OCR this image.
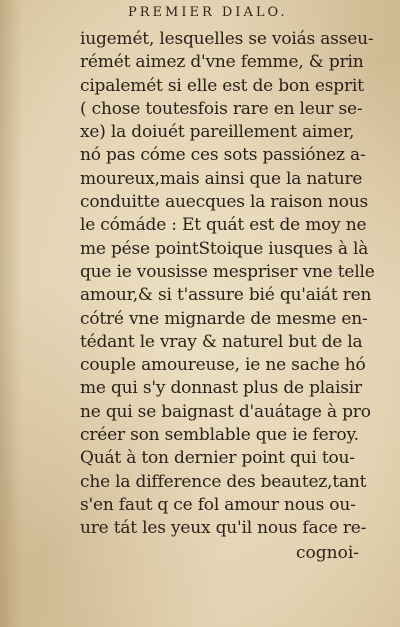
PREMIER DIALO.
iugemét, lesquelles se voiás asseu-
rémét aimez d'vne femme, & prin
cipalemét si elle est de bon esprit
( chose toutesfois rare en leur se-
xe) la doiuét pareillement aimer,
nó pas cóme ces sots passiónez a-
moureux,mais ainsi que la nature
conduitte auecques la raison nous
le cómáde : Et quát est de moy ne
me pése pointStoique iusques à là
que ie vousisse mespriser vne telle
amour,& si t'assure bié qu'aiát ren
cótré vne mignarde de mesme en-
tédant le vray & naturel but de la
couple amoureuse, ie ne sache hó
me qui s'y donnast plus de plaisir
ne qui se baignast d'auátage à pro
créer son semblable que ie feroy.
Quát à ton dernier point qui tou-
che la difference des beautez,tant
s'en faut q ce fol amour nous ou-
ure tát les yeux qu'il nous face re-
cognoi-
